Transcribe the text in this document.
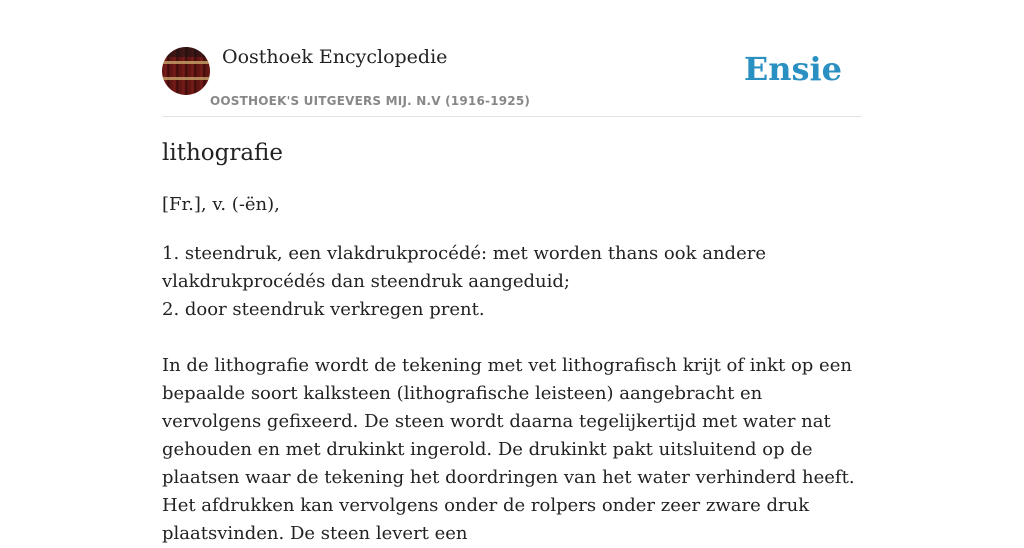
Oosthoek Encyclopedie
OOSTHOEK'S UITGEVERS MIJ. N.V (1916-1925)
Ensie
lithografie
[Fr.], v. (-ën),
1. steendruk, een vlakdrukprocédé: met worden thans ook andere vlakdrukprocédés dan steendruk aangeduid;
2. door steendruk verkregen prent.
In de lithografie wordt de tekening met vet lithografisch krijt of inkt op een bepaalde soort kalksteen (lithografische leisteen) aangebracht en vervolgens gefixeerd. De steen wordt daarna tegelijkertijd met water nat gehouden en met drukinkt ingerold. De drukinkt pakt uitsluitend op de plaatsen waar de tekening het doordringen van het water verhinderd heeft. Het afdrukken kan vervolgens onder de rolpers onder zeer zware druk plaatsvinden. De steen levert een
